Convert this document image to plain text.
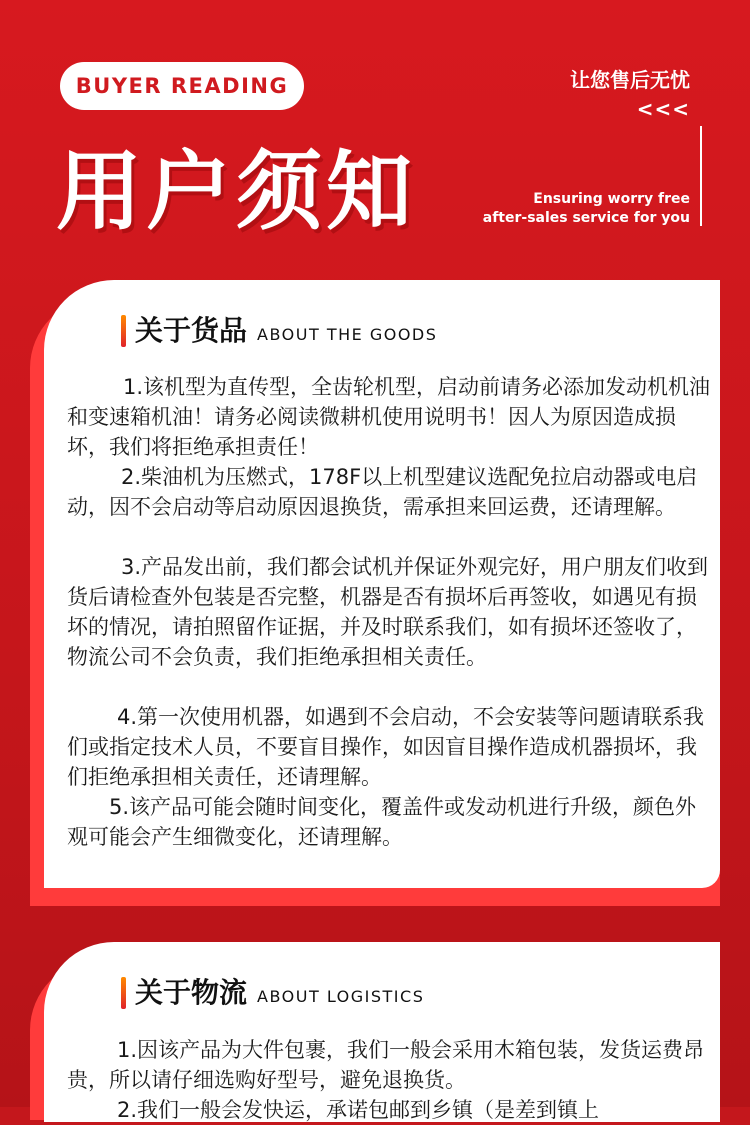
BUYER READING
用户须知
让您售后无忧
<<<
Ensuring worry free
after-sales service for you
关于货品 ABOUT THE GOODS

1.该机型为直传型，全齿轮机型，启动前请务必添加发动机机油和变速箱机油！请务必阅读微耕机使用说明书！因人为原因造成损坏，我们将拒绝承担责任！

2.柴油机为压燃式，178F以上机型建议选配免拉启动器或电启动，因不会启动等启动原因退换货，需承担来回运费，还请理解。

3.产品发出前，我们都会试机并保证外观完好，用户朋友们收到货后请检查外包装是否完整，机器是否有损坏后再签收，如遇见有损坏的情况，请拍照留作证据，并及时联系我们，如有损坏还签收了，物流公司不会负责，我们拒绝承担相关责任。

4.第一次使用机器，如遇到不会启动，不会安装等问题请联系我们或指定技术人员，不要盲目操作，如因盲目操作造成机器损坏，我们拒绝承担相关责任，还请理解。

5.该产品可能会随时间变化，覆盖件或发动机进行升级，颜色外观可能会产生细微变化，还请理解。

关于物流 ABOUT LOGISTICS

1.因该产品为大件包裹，我们一般会采用木箱包装，发货运费昂贵，所以请仔细选购好型号，避免退换货。

2.我们一般会发快运，承诺包邮到乡镇（是差到镇上
